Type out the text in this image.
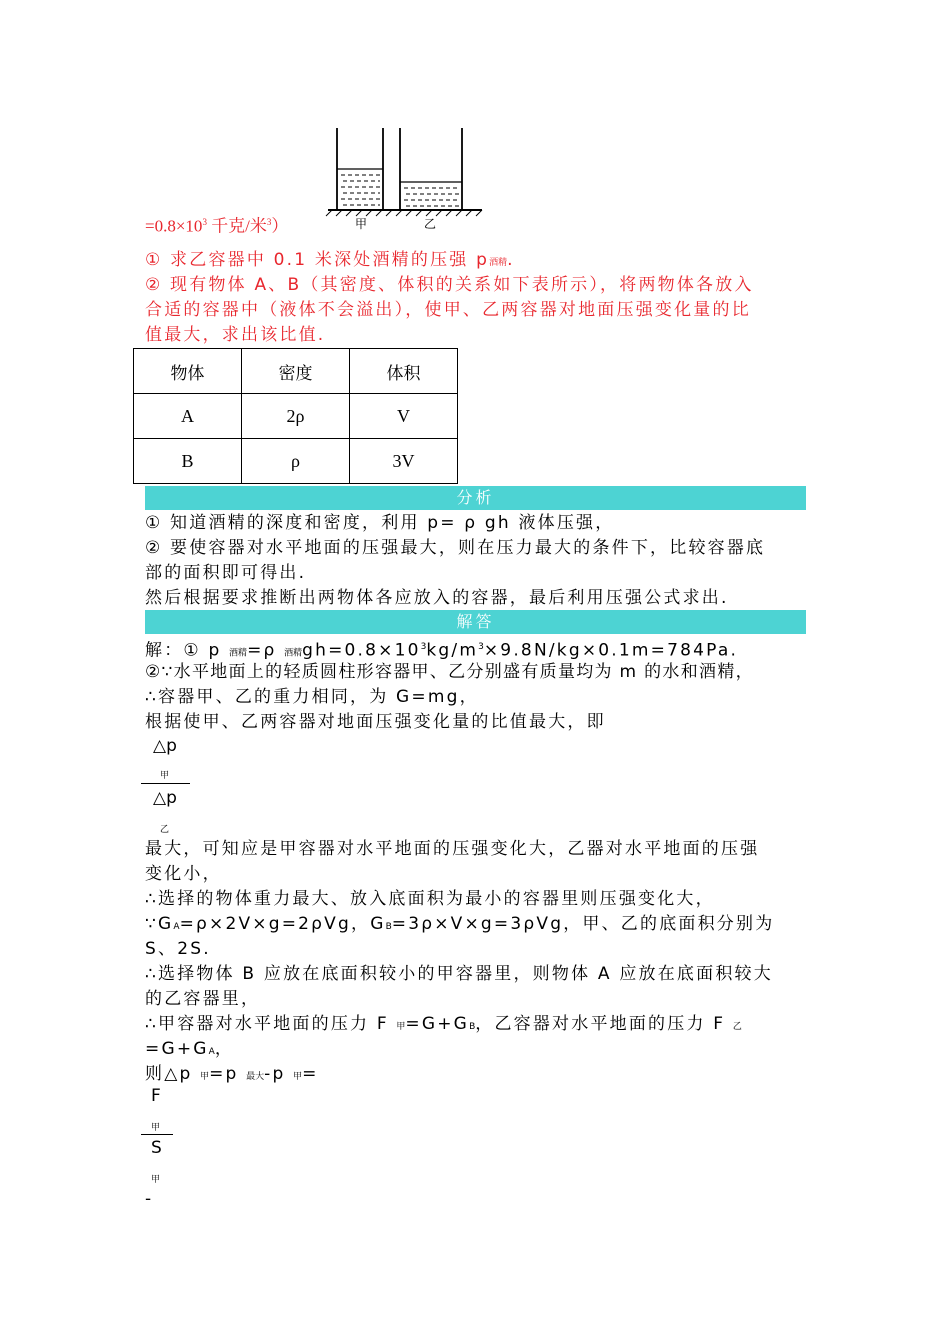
甲	乙
$=0.8\times 10^3$ 千克/米$^3$）
① 求乙容器中 0.1 米深处酒精的压强 p酒精.
② 现有物体 A、B（其密度、体积的关系如下表所示），将两物体各放入
合适的容器中（液体不会溢出），使甲、乙两容器对地面压强变化量的比
值最大，求出该比值.
物体	密度	体积
A	2ρ	V
B	ρ	3V
分析
① 知道酒精的深度和密度，利用 p= ρ gh 液体压强，
② 要使容器对水平地面的压强最大，则在压力最大的条件下，比较容器底
部的面积即可得出.
然后根据要求推断出两物体各应放入的容器，最后利用压强公式求出.
解答
解：① p 酒精=ρ 酒精$gh=0.8\times 10^3kg/m^3\times 9.8N/kg\times 0.1m=784Pa$.
②∵水平地面上的轻质圆柱形容器甲、乙分别盛有质量均为 m 的水和酒精，
∴容器甲、乙的重力相同，为 G=mg，
根据使甲、乙两容器对地面压强变化量的比值最大，即
△p
甲
△p
乙
最大，可知应是甲容器对水平地面的压强变化大，乙器对水平地面的压强
变化小，
∴选择的物体重力最大、放入底面积为最小的容器里则压强变化大，
∵GA=ρ×2V×g=2ρVg，GB=3ρ×V×g=3ρVg，甲、乙的底面积分别为
S、2S.
∴选择物体 B 应放在底面积较小的甲容器里，则物体 A 应放在底面积较大
的乙容器里，
∴甲容器对水平地面的压力 F 甲=G+GB，乙容器对水平地面的压力 F 乙
=G+GA，
则△p 甲=p 最大-p 甲=
F
甲
S
甲
-
